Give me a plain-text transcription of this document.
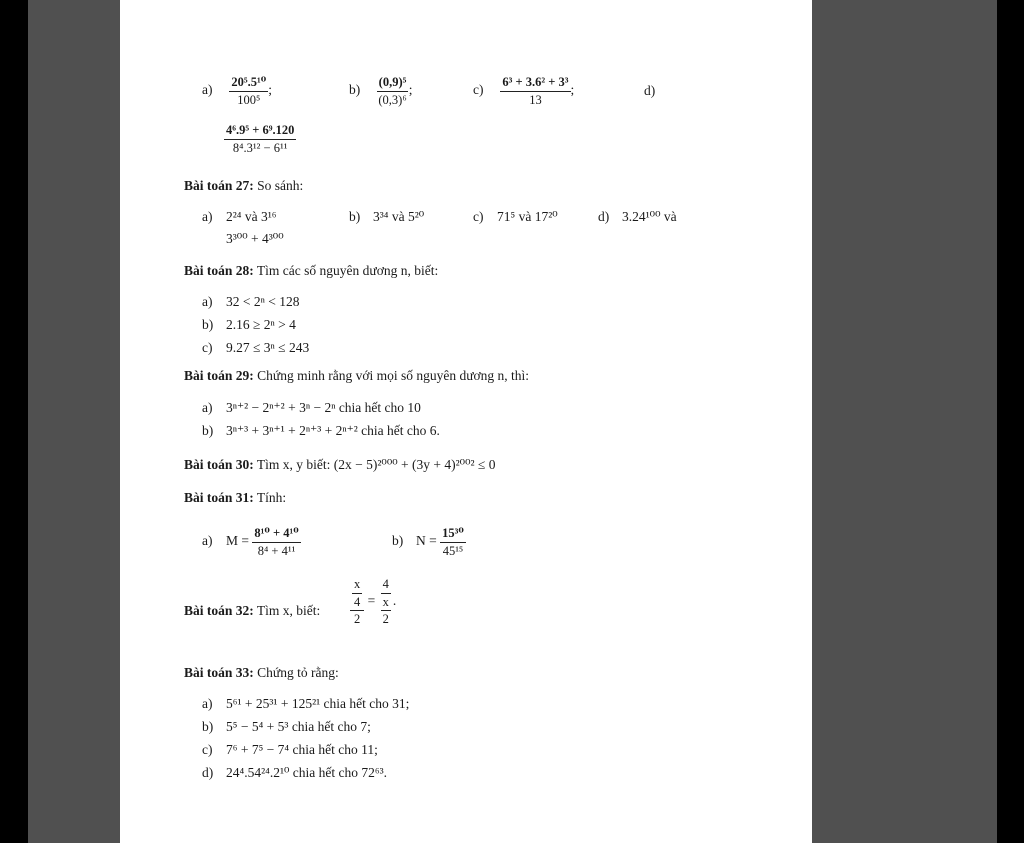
$a) \frac{\text{20⁵.5¹⁰}}{\text{100⁵}}$ ;	$b) \frac{\text{(0,9)⁵}}{\text{(0,3)⁶}}$ ;	$c) \frac{\text{6³ + 3.6² + 3³}}{13}$ ;	d)
$\frac{\text{4⁶.9⁵ + 6⁹.120}}{\text{8⁴.3¹² − 6¹¹}}$
Bài toán 27: So sánh:
a) 2²⁴ và 3¹⁶	b) 3³⁴ và 5²⁰	c) 71⁵ và 17²⁰	d) 3.24¹⁰⁰ và
3³⁰⁰ + 4³⁰⁰
Bài toán 28: Tìm các số nguyên dương n, biết:
a) 32 < 2ⁿ < 128
b) 2.16 ≥ 2ⁿ > 4
c) 9.27 ≤ 3ⁿ ≤ 243
Bài toán 29: Chứng minh rằng với mọi số nguyên dương n, thì:
a) 3ⁿ⁺² − 2ⁿ⁺² + 3ⁿ − 2ⁿ chia hết cho 10
b) 3ⁿ⁺³ + 3ⁿ⁺¹ + 2ⁿ⁺³ + 2ⁿ⁺² chia hết cho 6.
Bài toán 30: Tìm x, y biết: (2x − 5)²⁰⁰⁰ + (3y + 4)²⁰⁰² ≤ 0
Bài toán 31: Tính:
a) $M = \frac{\text{8¹⁰ + 4¹⁰}}{\text{8⁴ + 4¹¹}}$	b) $N = \frac{\text{15³⁰}}{\text{45¹⁵}}$
Bài toán 32: Tìm x, biết: $\frac{\frac{x}{4}}{2} = \frac{4}{\frac{x}{2}}$ .
Bài toán 33: Chứng tỏ rằng:
a) 5⁶¹ + 25³¹ + 125²¹ chia hết cho 31;
b) 5⁵ − 5⁴ + 5³ chia hết cho 7;
c) 7⁶ + 7⁵ − 7⁴ chia hết cho 11;
d) 24⁴.54²⁴.2¹⁰ chia hết cho 72⁶³.
